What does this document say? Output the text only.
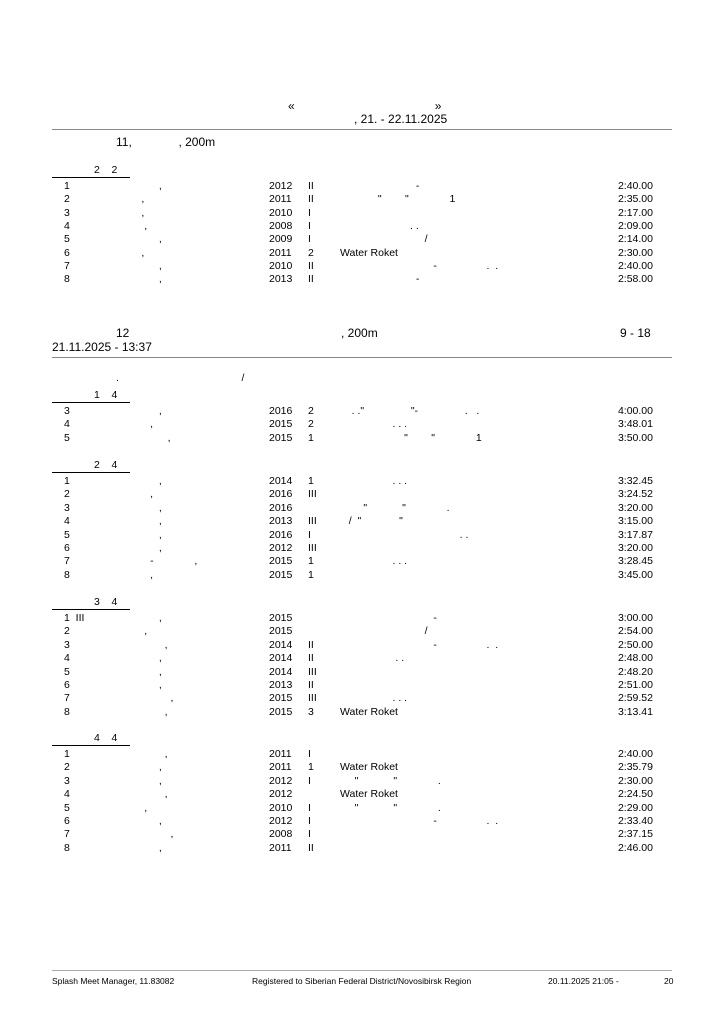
«                                          »
, 21. - 22.11.2025
11,              , 200m
2    2
1	,	2012 II -	2:40.00
2	,	2011 II "        "              1	2:35.00
3	,	2010 I	2:17.00
4	,	2008 I	. .	2:09.00
5	,	2009 I	/	2:14.00
6	,	2011 2 Water Roket	2:30.00
7	,	2010 II -                 .  .	2:40.00
8	,	2013 II -	2:58.00
12	, 200m	9 - 18
21.11.2025 - 13:37
.                                          /
1    4
3	,	2016 2 . ."                "-                .   .	4:00.00
4	,	2015 2 . . .	3:48.01
5	,	2015 1 "        "              1	3:50.00
2    4
1	,	2014 1 . . .	3:32.45
2	,	2016 III	3:24.52
3	,	2016	"            "              .	3:20.00
4	,	2013 III /  "             "	3:15.00
5	,	2016 I	. .	3:17.87
6	,	2012 III	3:20.00
7	-              ,	2015 1 . . .	3:28.45
8	,	2015 1	3:45.00
3    4
1  III	,	2015	-	3:00.00
2	,	2015	/	2:54.00
3	,	2014 II -                 .  .	2:50.00
4	,	2014 II . .	2:48.00
5	,	2014 III	2:48.20
6	,	2013 II	2:51.00
7	,	2015 III . . .	2:59.52
8	,	2015 3 Water Roket	3:13.41
4    4
1	,	2011 I	2:40.00
2	,	2011 1 Water Roket	2:35.79
3	,	2012 I	"            "              .	2:30.00
4	,	2012	Water Roket	2:24.50
5	,	2010 I	"            "              .	2:29.00
6	,	2012 I	-                 .  .	2:33.40
7	,	2008 I	2:37.15
8	,	2011 II	2:46.00
Splash Meet Manager, 11.83082	Registered to Siberian Federal District/Novosibirsk Region	20.11.2025 21:05 -	20
